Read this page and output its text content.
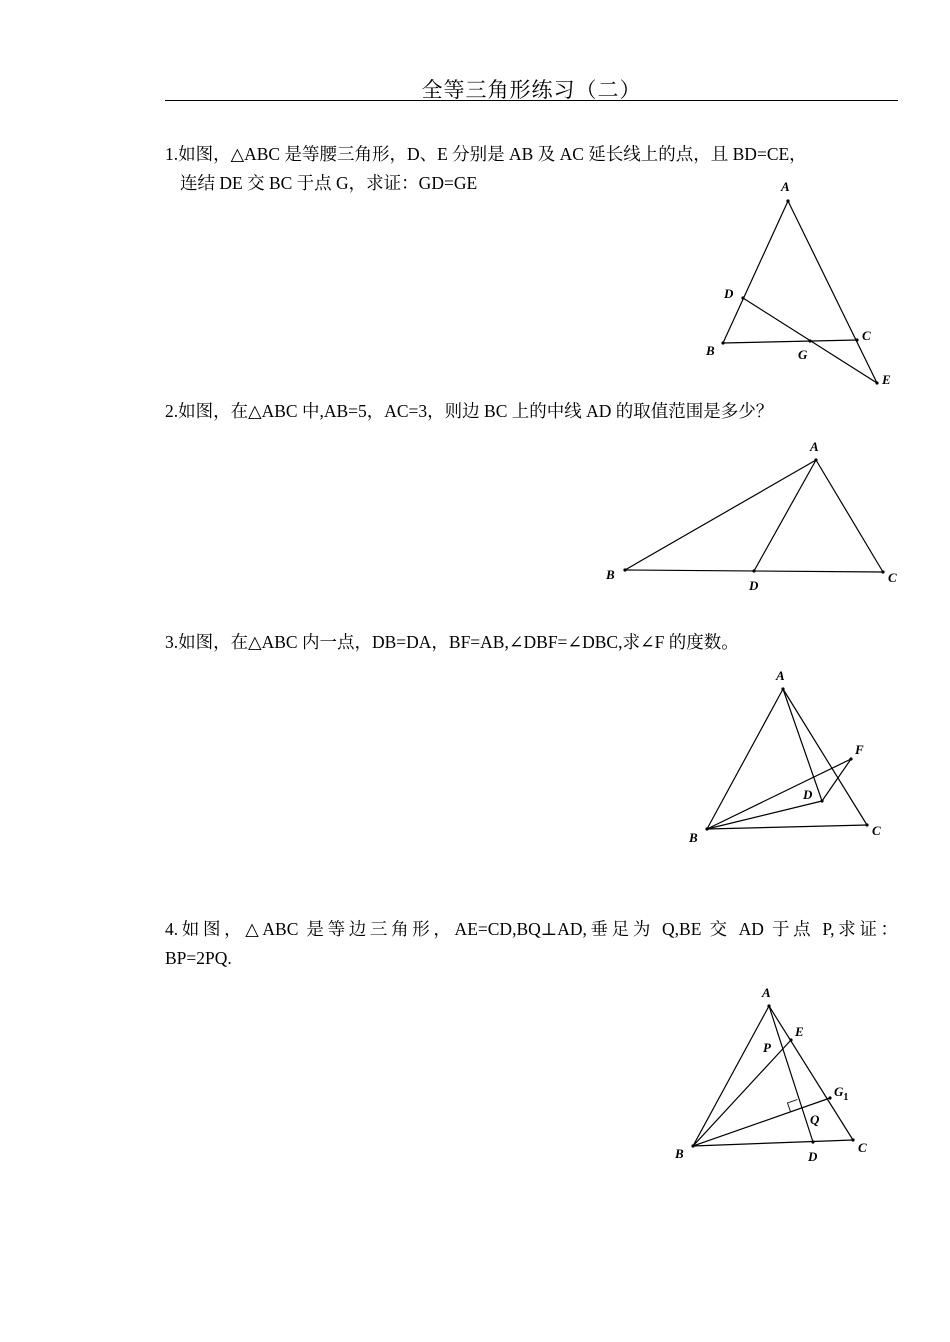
全等三角形练习（二）

1.如图，△ABC 是等腰三角形，D、E 分别是 AB 及 AC 延长线上的点，且 BD=CE，

连结 DE 交 BC 于点 G，求证：GD=GE	A
B
C
D
E
G

2.如图，在△ABC 中,AB=5，AC=3，则边 BC 上的中线 AD 的取值范围是多少？

A
B	C
D

3.如图，在△ABC 内一点，DB=DA，BF=AB,∠DBF=∠DBC,求∠F 的度数。

A
B	C
D
F

4.如图，△ABC 是等边三角形，AE=CD,BQ⊥AD,垂足为 Q,BE 交 AD 于点 P,求证：

BP=2PQ.

A
B	C
D
E
P
Q
$G_1$
